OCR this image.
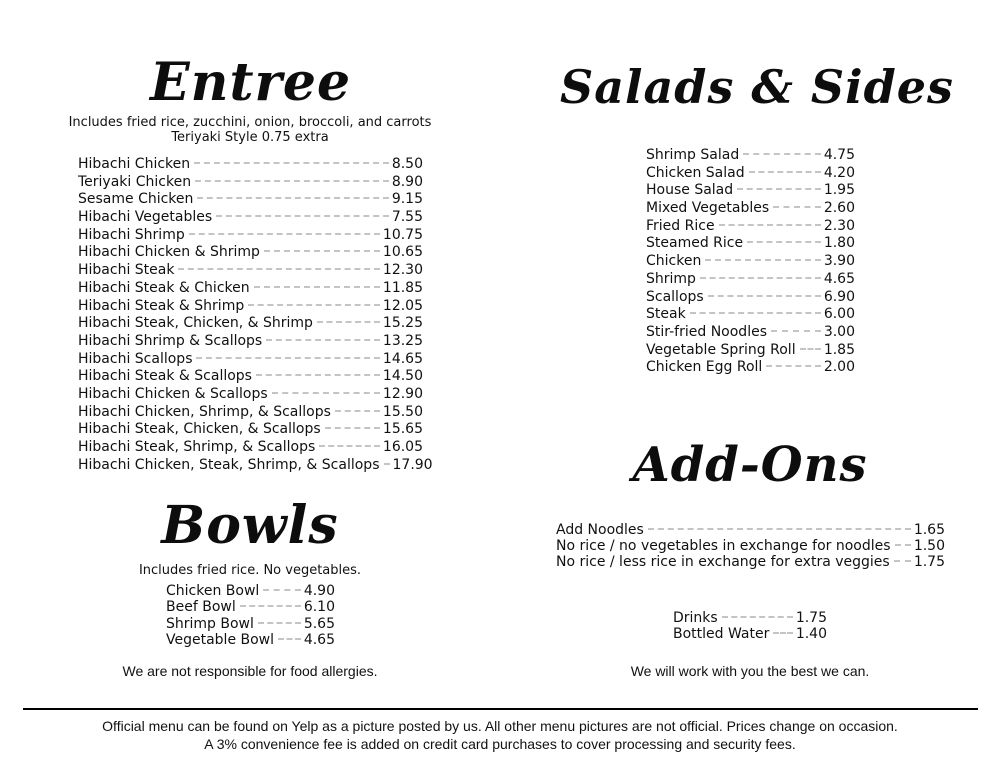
Entree
Includes fried rice, zucchini, onion, broccoli, and carrots
Teriyaki Style 0.75 extra
Hibachi Chicken	8.50
Teriyaki Chicken	8.90
Sesame Chicken	9.15
Hibachi Vegetables	7.55
Hibachi Shrimp	10.75
Hibachi Chicken & Shrimp	10.65
Hibachi Steak	12.30
Hibachi Steak & Chicken	11.85
Hibachi Steak & Shrimp	12.05
Hibachi Steak, Chicken, & Shrimp	15.25
Hibachi Shrimp & Scallops	13.25
Hibachi Scallops	14.65
Hibachi Steak & Scallops	14.50
Hibachi Chicken & Scallops	12.90
Hibachi Chicken, Shrimp, & Scallops	15.50
Hibachi Steak, Chicken, & Scallops	15.65
Hibachi Steak, Shrimp, & Scallops	16.05
Hibachi Chicken, Steak, Shrimp, & Scallops 17.90
Salads & Sides
Shrimp Salad	4.75
Chicken Salad	4.20
House Salad	1.95
Mixed Vegetables	2.60
Fried Rice	2.30
Steamed Rice	1.80
Chicken	3.90
Shrimp	4.65
Scallops	6.90
Steak	6.00
Stir-fried Noodles	3.00
Vegetable Spring Roll 1.85
Chicken Egg Roll	2.00
Bowls
Includes fried rice. No vegetables.
Chicken Bowl	4.90
Beef Bowl	6.10
Shrimp Bowl	5.65
Vegetable Bowl 4.65
We are not responsible for food allergies.
Add-Ons
Add Noodles	1.65
No rice / no vegetables in exchange for noodles 1.50
No rice / less rice in exchange for extra veggies 1.75
Drinks	1.75
Bottled Water 1.40
We will work with you the best we can.
Official menu can be found on Yelp as a picture posted by us. All other menu pictures are not official. Prices change on occasion.
A 3% convenience fee is added on credit card purchases to cover processing and security fees.
